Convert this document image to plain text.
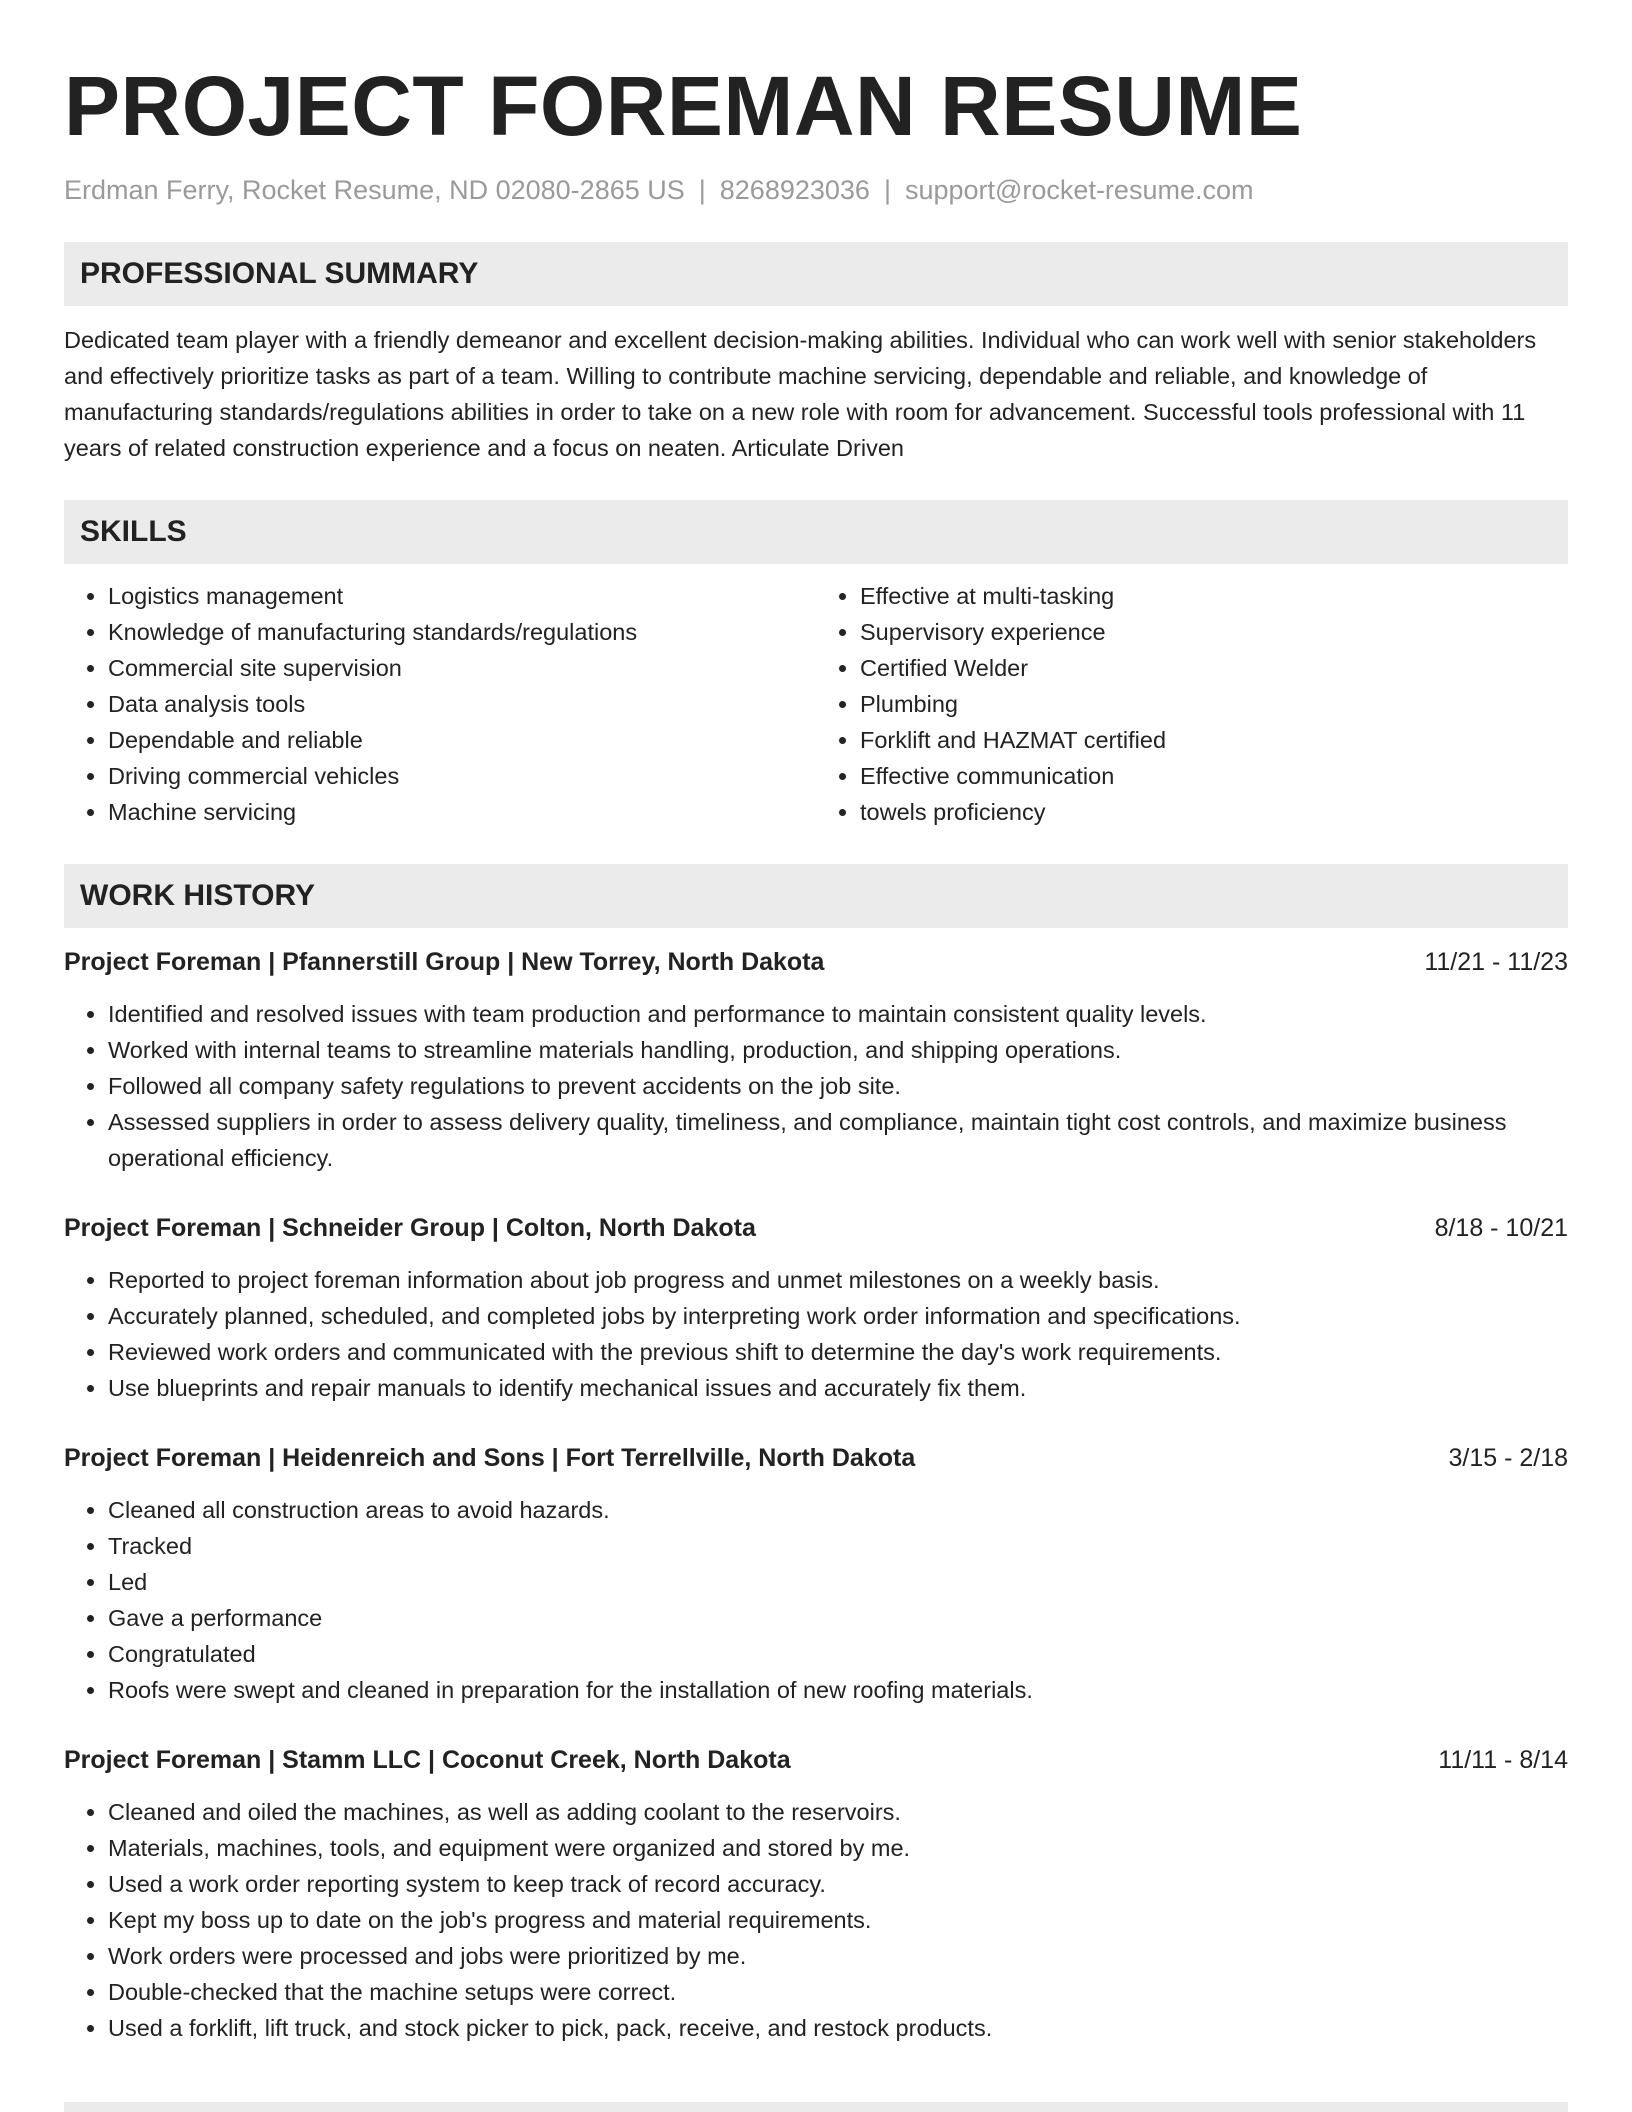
PROJECT FOREMAN RESUME
Erdman Ferry, Rocket Resume, ND 02080-2865 US | 8268923036 | support@rocket-resume.com
PROFESSIONAL SUMMARY
Dedicated team player with a friendly demeanor and excellent decision-making abilities. Individual who can work well with senior stakeholders and effectively prioritize tasks as part of a team. Willing to contribute machine servicing, dependable and reliable, and knowledge of manufacturing standards/regulations abilities in order to take on a new role with room for advancement. Successful tools professional with 11 years of related construction experience and a focus on neaten. Articulate Driven
SKILLS
• Logistics management
• Knowledge of manufacturing standards/regulations
• Commercial site supervision
• Data analysis tools
• Dependable and reliable
• Driving commercial vehicles
• Machine servicing
• Effective at multi-tasking
• Supervisory experience
• Certified Welder
• Plumbing
• Forklift and HAZMAT certified
• Effective communication
• towels proficiency
WORK HISTORY
Project Foreman | Pfannerstill Group | New Torrey, North Dakota	11/21 - 11/23
• Identified and resolved issues with team production and performance to maintain consistent quality levels.
• Worked with internal teams to streamline materials handling, production, and shipping operations.
• Followed all company safety regulations to prevent accidents on the job site.
• Assessed suppliers in order to assess delivery quality, timeliness, and compliance, maintain tight cost controls, and maximize business operational efficiency.
Project Foreman | Schneider Group | Colton, North Dakota	8/18 - 10/21
• Reported to project foreman information about job progress and unmet milestones on a weekly basis.
• Accurately planned, scheduled, and completed jobs by interpreting work order information and specifications.
• Reviewed work orders and communicated with the previous shift to determine the day's work requirements.
• Use blueprints and repair manuals to identify mechanical issues and accurately fix them.
Project Foreman | Heidenreich and Sons | Fort Terrellville, North Dakota	3/15 - 2/18
• Cleaned all construction areas to avoid hazards.
• Tracked
• Led
• Gave a performance
• Congratulated
• Roofs were swept and cleaned in preparation for the installation of new roofing materials.
Project Foreman | Stamm LLC | Coconut Creek, North Dakota	11/11 - 8/14
• Cleaned and oiled the machines, as well as adding coolant to the reservoirs.
• Materials, machines, tools, and equipment were organized and stored by me.
• Used a work order reporting system to keep track of record accuracy.
• Kept my boss up to date on the job's progress and material requirements.
• Work orders were processed and jobs were prioritized by me.
• Double-checked that the machine setups were correct.
• Used a forklift, lift truck, and stock picker to pick, pack, receive, and restock products.
